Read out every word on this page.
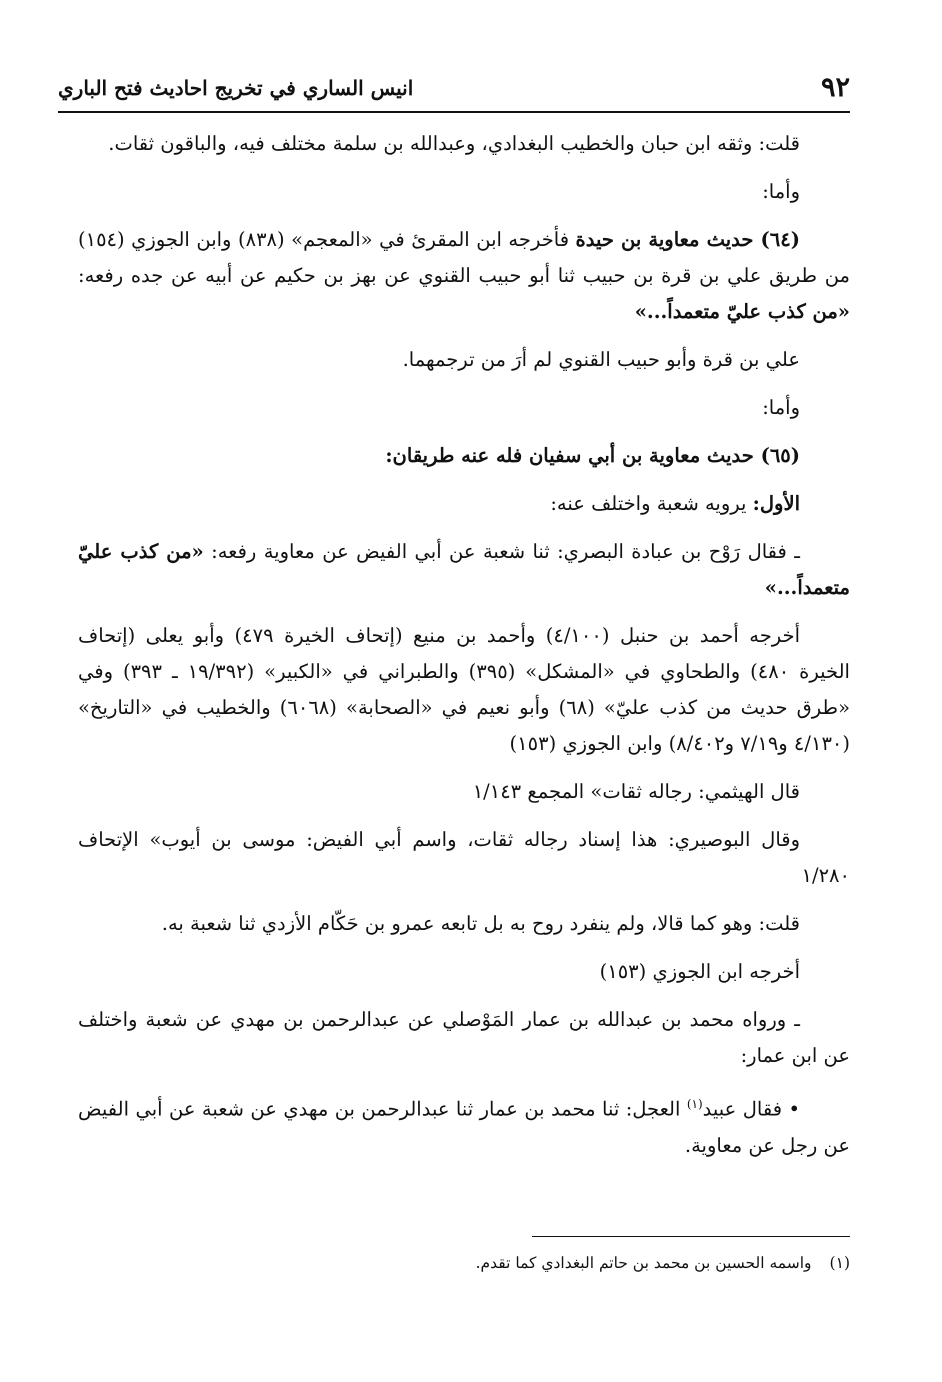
٩٢
انيس الساري في تخريج احاديث فتح الباري

قلت: وثقه ابن حبان والخطيب البغدادي، وعبدالله بن سلمة مختلف فيه، والباقون ثقات.

وأما:

(٦٤) حديث معاوية بن حيدة فأخرجه ابن المقرئ في «المعجم» (٨٣٨) وابن الجوزي (١٥٤) من طريق علي بن قرة بن حبيب ثنا أبو حبيب القنوي عن بهز بن حكيم عن أبيه عن جده رفعه: «من كذب عليّ متعمداً...»

علي بن قرة وأبو حبيب القنوي لم أرَ من ترجمهما.

وأما:

(٦٥) حديث معاوية بن أبي سفيان فله عنه طريقان:

الأول: يرويه شعبة واختلف عنه:

ـ فقال رَوْح بن عبادة البصري: ثنا شعبة عن أبي الفيض عن معاوية رفعه: «من كذب عليّ متعمداً...»

أخرجه أحمد بن حنبل (٤/١٠٠) وأحمد بن منيع (إتحاف الخيرة ٤٧٩) وأبو يعلى (إتحاف الخيرة ٤٨٠) والطحاوي في «المشكل» (٣٩٥) والطبراني في «الكبير» (١٩/٣٩٢ ـ ٣٩٣) وفي «طرق حديث من كذب عليّ» (٦٨) وأبو نعيم في «الصحابة» (٦٠٦٨) والخطيب في «التاريخ» (٤/١٣٠ و٧/١٩ و٨/٤٠٢) وابن الجوزي (١٥٣)

قال الهيثمي: رجاله ثقات» المجمع ١/١٤٣

وقال البوصيري: هذا إسناد رجاله ثقات، واسم أبي الفيض: موسى بن أيوب» الإتحاف ١/٢٨٠

قلت: وهو كما قالا، ولم ينفرد روح به بل تابعه عمرو بن حَكّام الأزدي ثنا شعبة به.

أخرجه ابن الجوزي (١٥٣)

ـ ورواه محمد بن عبدالله بن عمار المَوْصلي عن عبدالرحمن بن مهدي عن شعبة واختلف عن ابن عمار:

• فقال عبيد$^{(١)}$ العجل: ثنا محمد بن عمار ثنا عبدالرحمن بن مهدي عن شعبة عن أبي الفيض عن رجل عن معاوية.

(١)واسمه الحسين بن محمد بن حاتم البغدادي كما تقدم.
